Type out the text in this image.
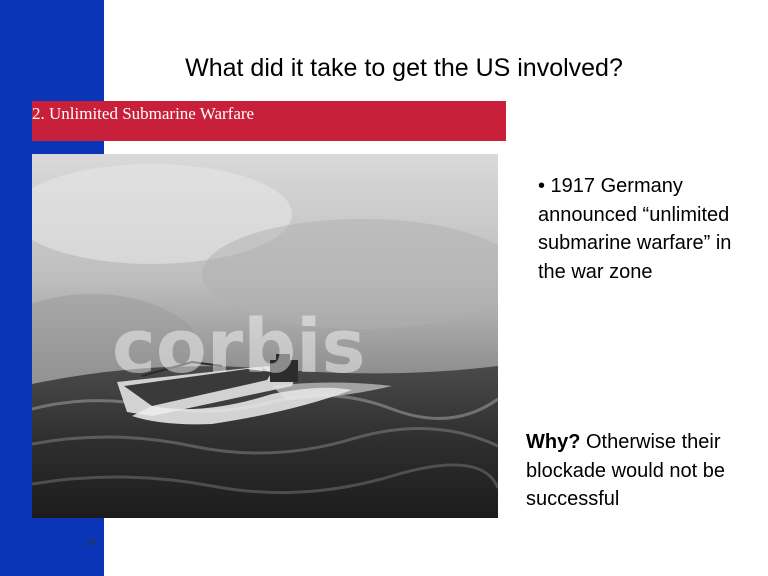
What did it take to get the US involved?
2. Unlimited Submarine Warfare
corbis
• 1917 Germany announced “unlimited submarine warfare” in the war zone
Why? Otherwise their blockade would not be successful
14
